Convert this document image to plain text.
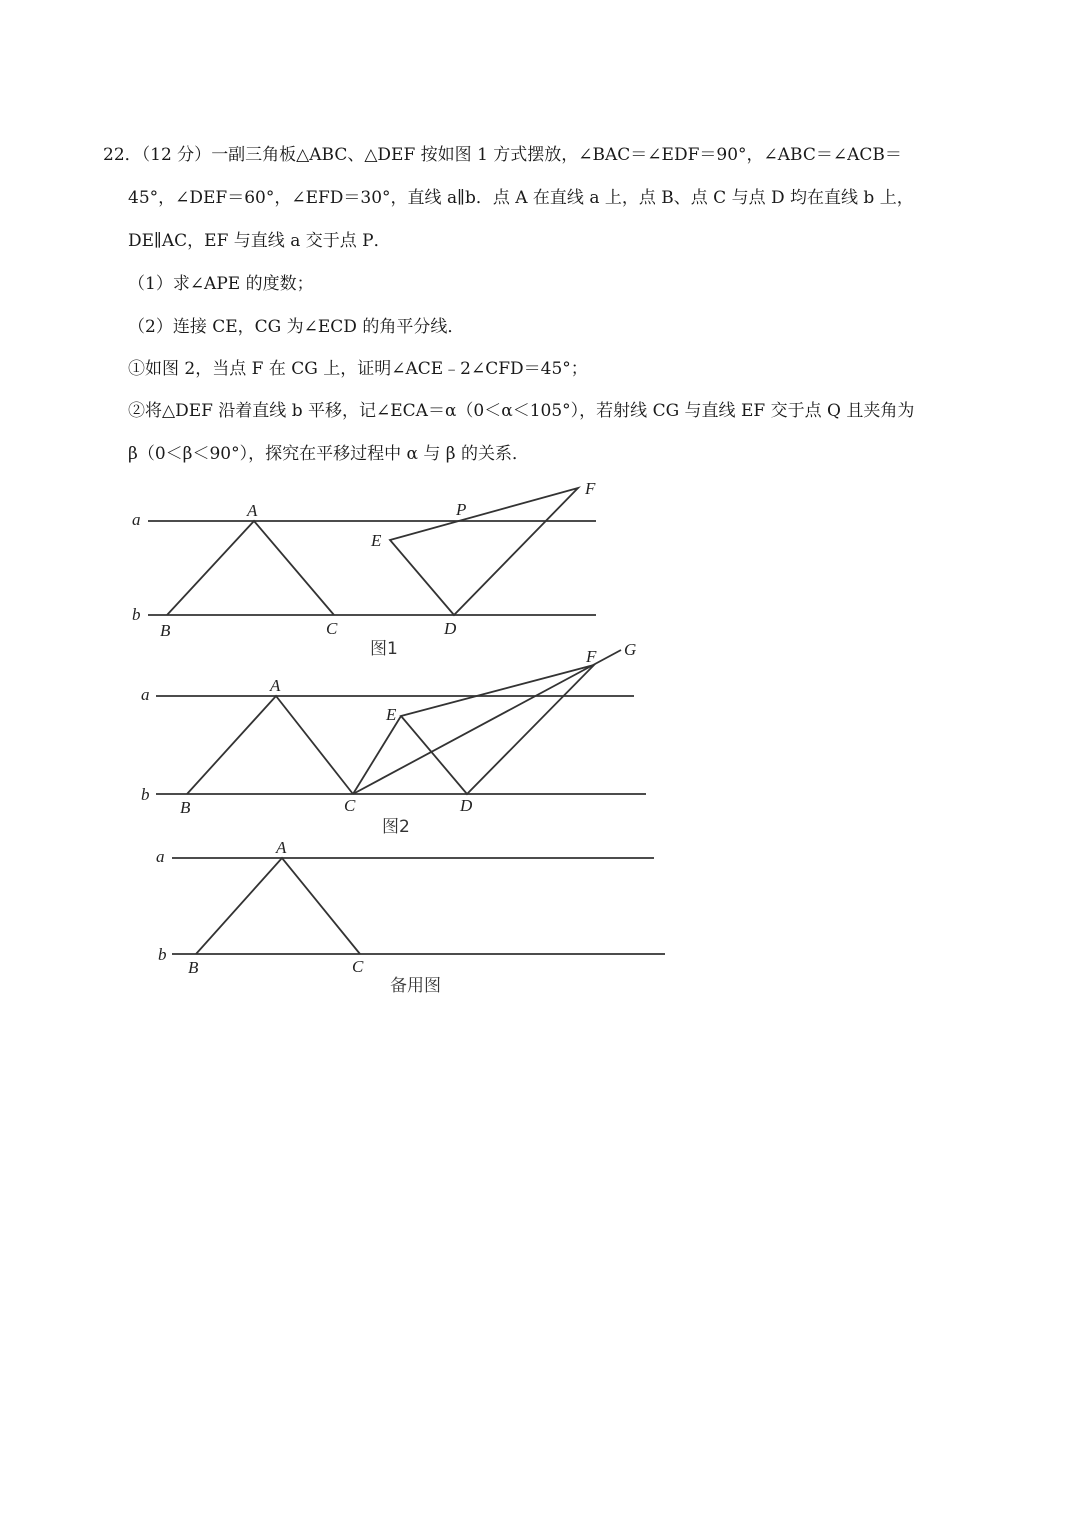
22．（12 分）一副三角板△ABC、△DEF 按如图 1 方式摆放，∠BAC＝∠EDF＝90°，∠ABC＝∠ACB＝
45°，∠DEF＝60°，∠EFD＝30°，直线 a∥b．点 A 在直线 a 上，点 B、点 C 与点 D 均在直线 b 上，
DE∥AC，EF 与直线 a 交于点 P．
（1）求∠APE 的度数；
（2）连接 CE，CG 为∠ECD 的角平分线．
①如图 2，当点 F 在 CG 上，证明∠ACE﹣2∠CFD＝45°；
②将△DEF 沿着直线 b 平移，记∠ECA＝α（0＜α＜105°），若射线 CG 与直线 EF 交于点 Q 且夹角为
β（0＜β＜90°），探究在平移过程中 α 与 β 的关系．
a
b
A
B	C	D
E
F
P
图1
a
b
A
B	C	D
E
F G
图2
a
b
A
B	C
备用图
